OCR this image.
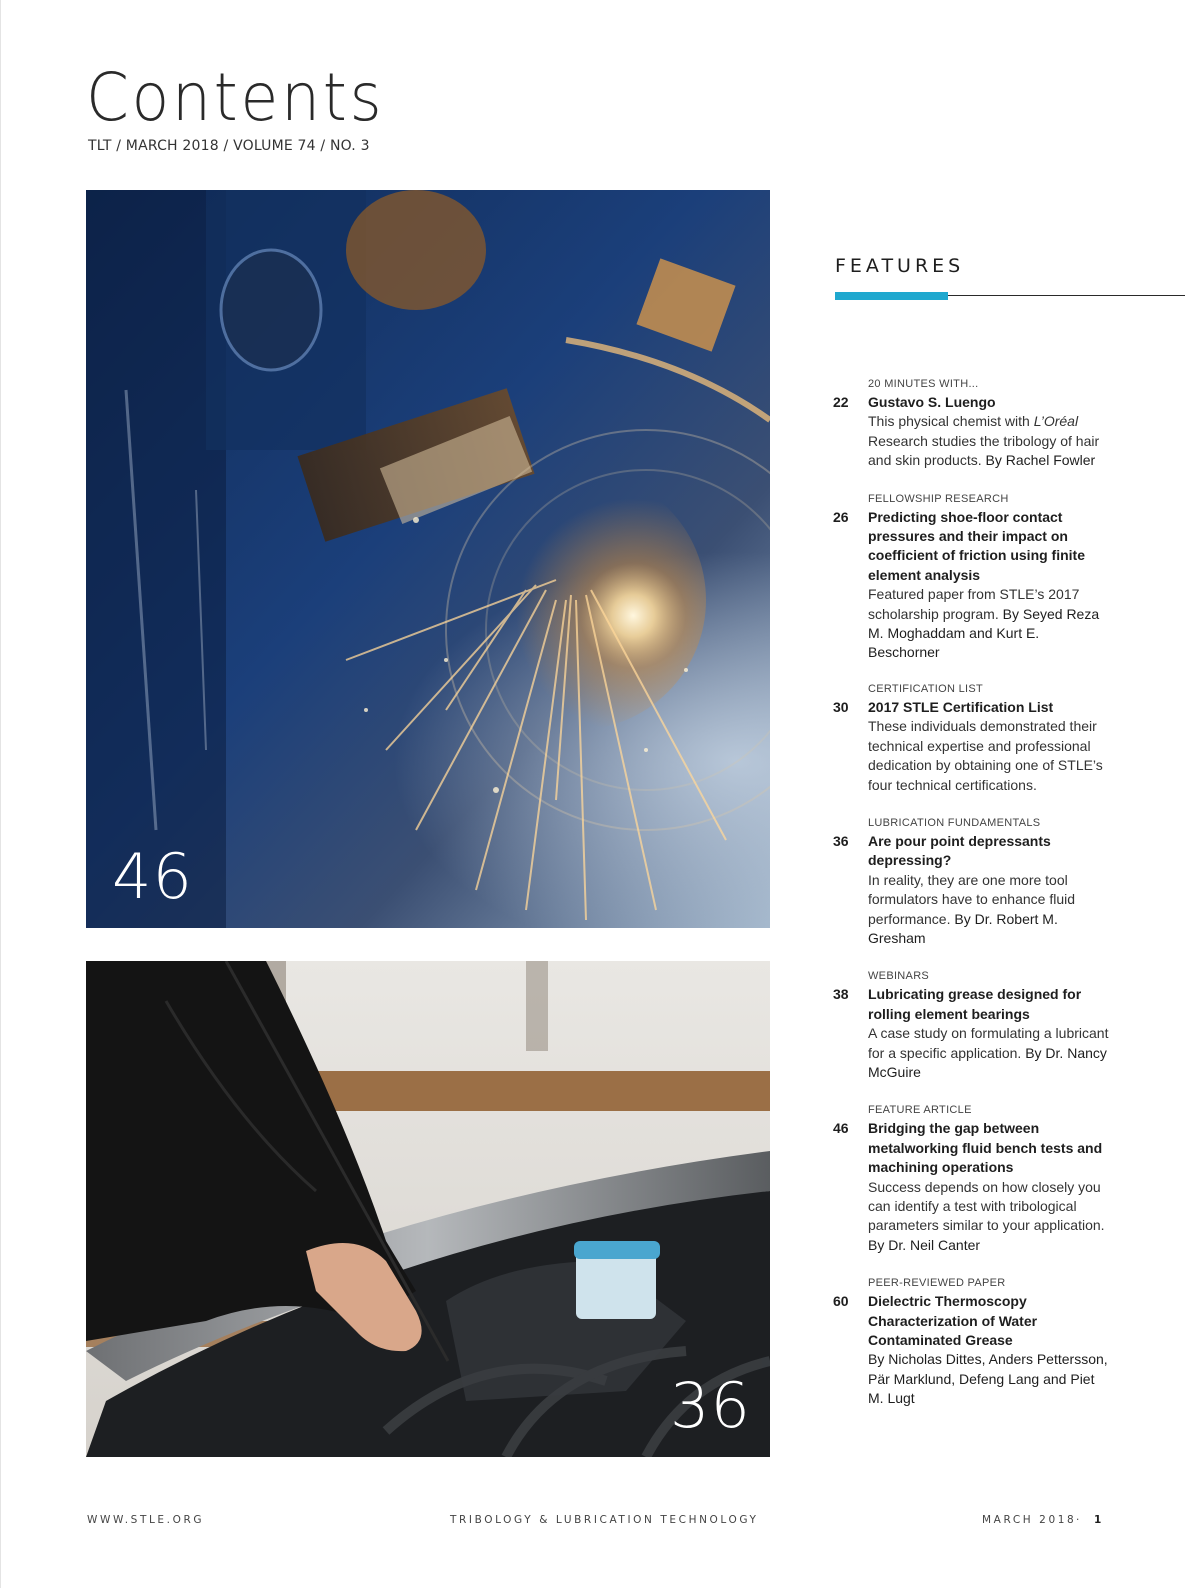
Contents
TLT / MARCH 2018 / VOLUME 74 / NO. 3
46
36
FEATURES
20 MINUTES WITH...
22 Gustavo S. Luengo
This physical chemist with L’Oréal Research studies the tribology of hair and skin products. By Rachel Fowler
FELLOWSHIP RESEARCH
26 Predicting shoe-floor contact pressures and their impact on coefficient of friction using finite element analysis
Featured paper from STLE’s 2017 scholarship program. By Seyed Reza M. Moghaddam and Kurt E. Beschorner
CERTIFICATION LIST
30 2017 STLE Certification List
These individuals demonstrated their technical expertise and professional dedication by obtaining one of STLE’s four technical certifications.
LUBRICATION FUNDAMENTALS
36 Are pour point depressants depressing?
In reality, they are one more tool formulators have to enhance fluid performance. By Dr. Robert M. Gresham
WEBINARS
38 Lubricating grease designed for rolling element bearings
A case study on formulating a lubricant for a specific application. By Dr. Nancy McGuire
FEATURE ARTICLE
46 Bridging the gap between metalworking fluid bench tests and machining operations
Success depends on how closely you can identify a test with tribological parameters similar to your application. By Dr. Neil Canter
PEER-REVIEWED PAPER
60 Dielectric Thermoscopy Characterization of Water Contaminated Grease
By Nicholas Dittes, Anders Pettersson, Pär Marklund, Defeng Lang and Piet M. Lugt
WWW.STLE.ORG	TRIBOLOGY & LUBRICATION TECHNOLOGY	MARCH 2018 · 1
